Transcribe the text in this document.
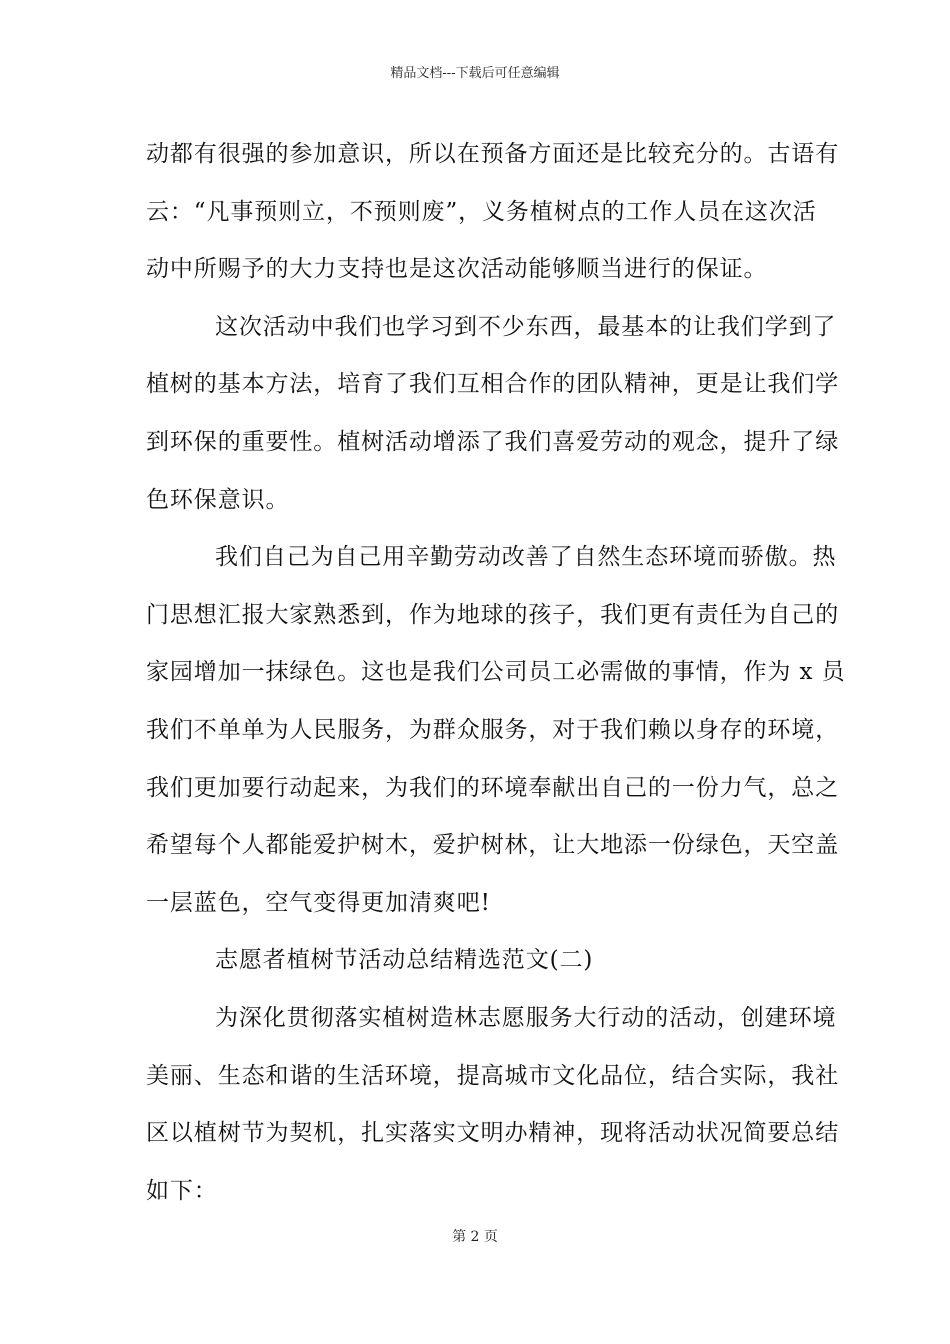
精品文档---下载后可任意编辑
动都有很强的参加意识，所以在预备方面还是比较充分的。古语有
云：“凡事预则立，不预则废”，义务植树点的工作人员在这次活
动中所赐予的大力支持也是这次活动能够顺当进行的保证。
这次活动中我们也学习到不少东西，最基本的让我们学到了
植树的基本方法，培育了我们互相合作的团队精神，更是让我们学
到环保的重要性。植树活动增添了我们喜爱劳动的观念，提升了绿
色环保意识。
我们自己为自己用辛勤劳动改善了自然生态环境而骄傲。热
门思想汇报大家熟悉到，作为地球的孩子，我们更有责任为自己的
家园增加一抹绿色。这也是我们公司员工必需做的事情，作为 x 员
我们不单单为人民服务，为群众服务，对于我们赖以身存的环境，
我们更加要行动起来，为我们的环境奉献出自己的一份力气，总之
希望每个人都能爱护树木，爱护树林，让大地添一份绿色，天空盖
一层蓝色，空气变得更加清爽吧!
志愿者植树节活动总结精选范文(二)
为深化贯彻落实植树造林志愿服务大行动的活动，创建环境
美丽、生态和谐的生活环境，提高城市文化品位，结合实际，我社
区以植树节为契机，扎实落实文明办精神，现将活动状况简要总结
如下：
第 2 页
